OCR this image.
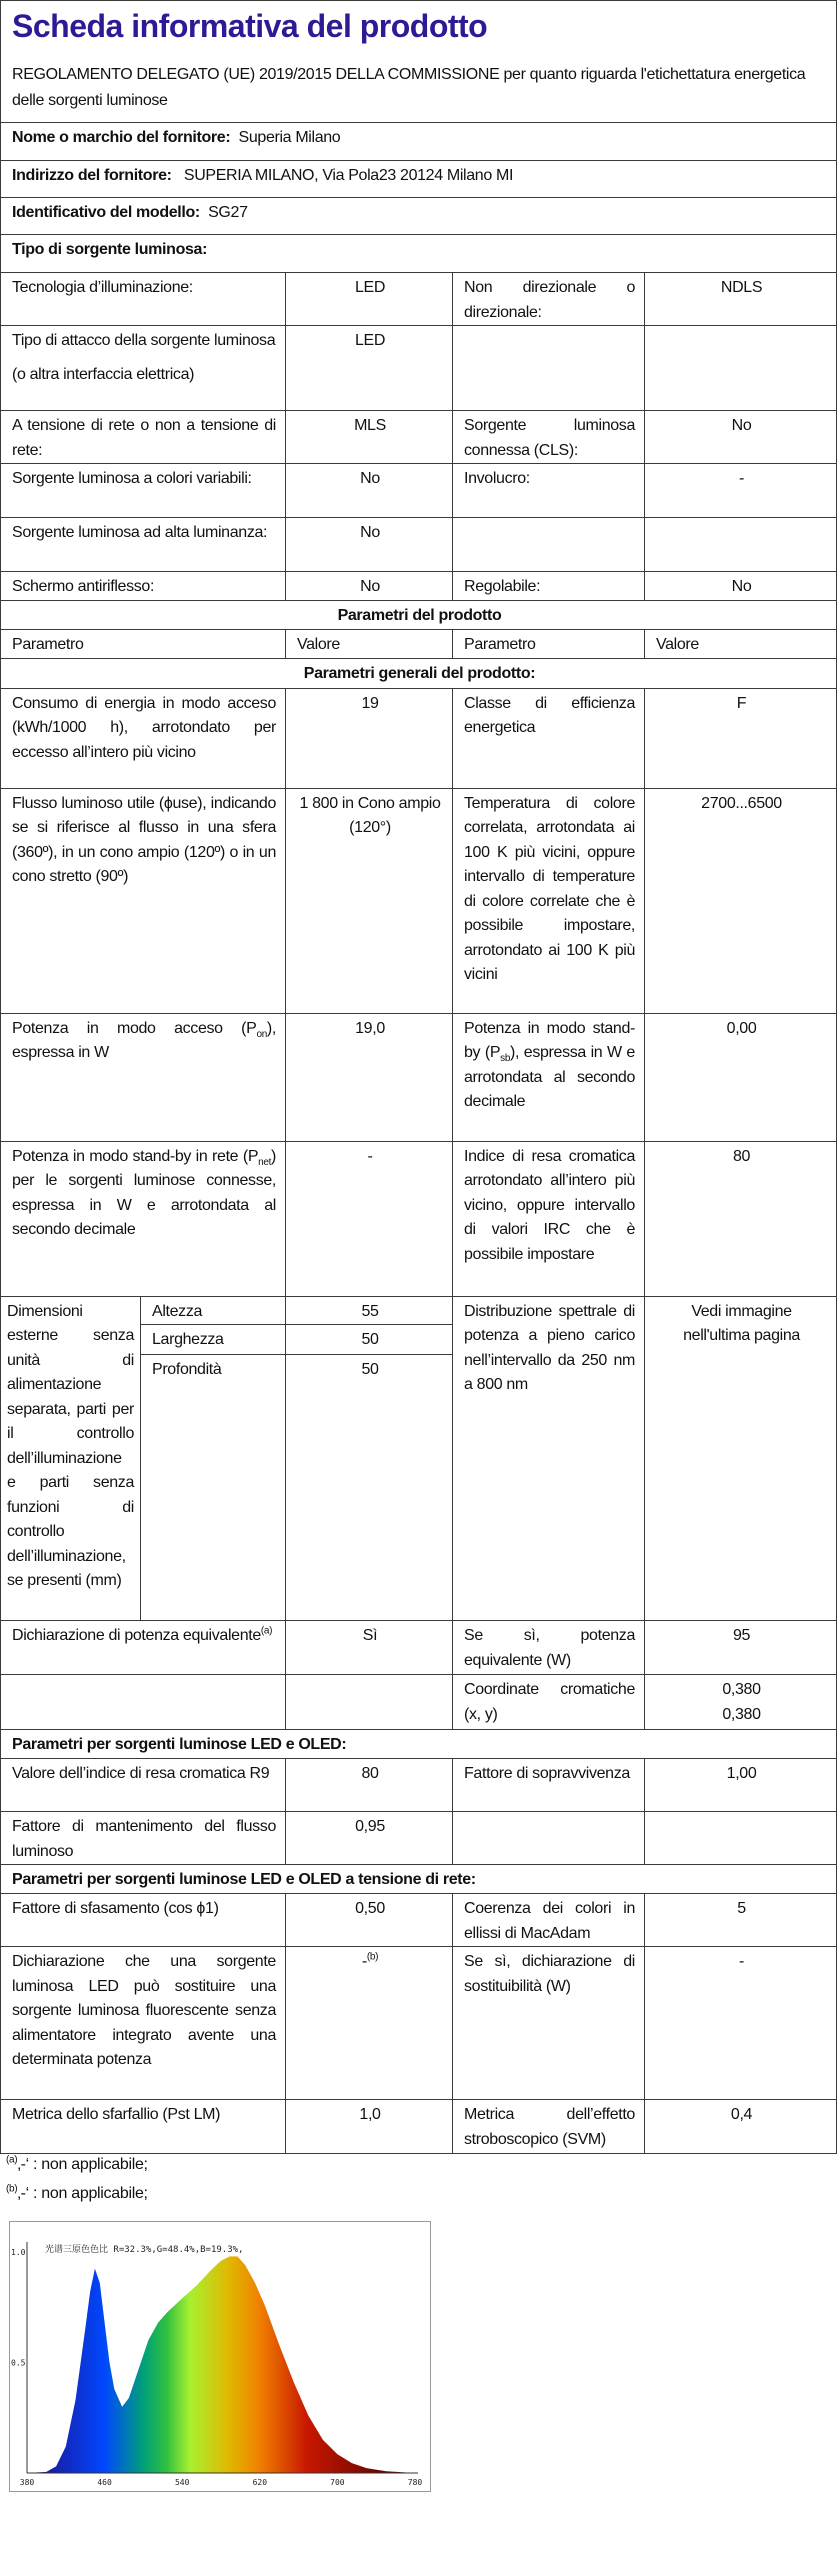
Scheda informativa del prodotto
REGOLAMENTO DELEGATO (UE) 2019/2015 DELLA COMMISSIONE per quanto riguarda l'etichettatura energetica delle sorgenti luminose				

Nome o marchio del fornitore: Superia Milano				
Indirizzo del fornitore: SUPERIA MILANO, Via Pola23 20124 Milano MI				
Identificativo del modello: SG27				
Tipo di sorgente luminosa:				
Tecnologia d’illuminazione:		LED	Non direzionale o direzionale:	NDLS

Tipo di attacco della sorgente luminosa
(o altra interfaccia elettrica)		LED		
A tensione di rete o non a tensione di rete:		MLS	Sorgente luminosa connessa (CLS):	No
Sorgente luminosa a colori variabili:		No	Involucro:	-
Sorgente luminosa ad alta luminanza:		No		
Schermo antiriflesso:		No	Regolabile:	No
Parametri del prodotto				
Parametro		Valore	Parametro	Valore
Parametri generali del prodotto:				
Consumo di energia in modo acceso (kWh/1000 h), arrotondato per eccesso all’intero più vicino		19	Classe di efficienza energetica	F
Flusso luminoso utile (ϕuse), indicando se si riferisce al flusso in una sfera (360º), in un cono ampio (120º) o in un cono stretto (90º)		1 800 in Cono ampio (120°)	Temperatura di colore correlata, arrotondata ai 100 K più vicini, oppure intervallo di temperature di colore correlate che è possibile impostare, arrotondato ai 100 K più vicini	2700...6500
Potenza in modo acceso $(P_{on})$, espressa in W		19,0	Potenza in modo stand-by $(P_{sb})$, espressa in W e arrotondata al secondo decimale	0,00
Potenza in modo stand-by in rete $(P_{net})$ per le sorgenti luminose connesse, espressa in W e arrotondata al secondo decimale		-	Indice di resa cromatica arrotondato all’intero più vicino, oppure intervallo di valori IRC che è possibile impostare	80
Dimensioni esterne senza unità di alimentazione separata, parti per il controllo dell’illuminazione e parti senza funzioni di controllo dell’illuminazione, se presenti (mm)	Altezza	55	Distribuzione spettrale di potenza a pieno carico nell’intervallo da 250 nm a 800 nm	Vedi immagine nell'ultima pagina
	Larghezza	50		
	Profondità	50		
Dichiarazione di potenza equivalente$^{(a)}$		Sì	Se sì, potenza equivalente (W)	95
			Coordinate cromatiche (x, y)	0,380
0,380

Parametri per sorgenti luminose LED e OLED:				
Valore dell’indice di resa cromatica R9		80	Fattore di sopravvivenza	1,00
Fattore di mantenimento del flusso luminoso		0,95		
Parametri per sorgenti luminose LED e OLED a tensione di rete:				
Fattore di sfasamento (cos ϕ1)		0,50	Coerenza dei colori in ellissi di MacAdam	5
Dichiarazione che una sorgente luminosa LED può sostituire una sorgente luminosa fluorescente senza alimentatore integrato avente una determinata potenza		-$^{(b)}$	Se sì, dichiarazione di sostituibilità (W)	-
Metrica dello sfarfallio (Pst LM)		1,0	Metrica dell’effetto stroboscopico (SVM)	0,4
$^{(a)}$‚-‘ : non applicabile;
$^{(b)}$‚-‘ : non applicabile;
380	460	540	620	700	780
1.0
0.5
光谱三原色色比 R=32.3%,G=48.4%,B=19.3%,
